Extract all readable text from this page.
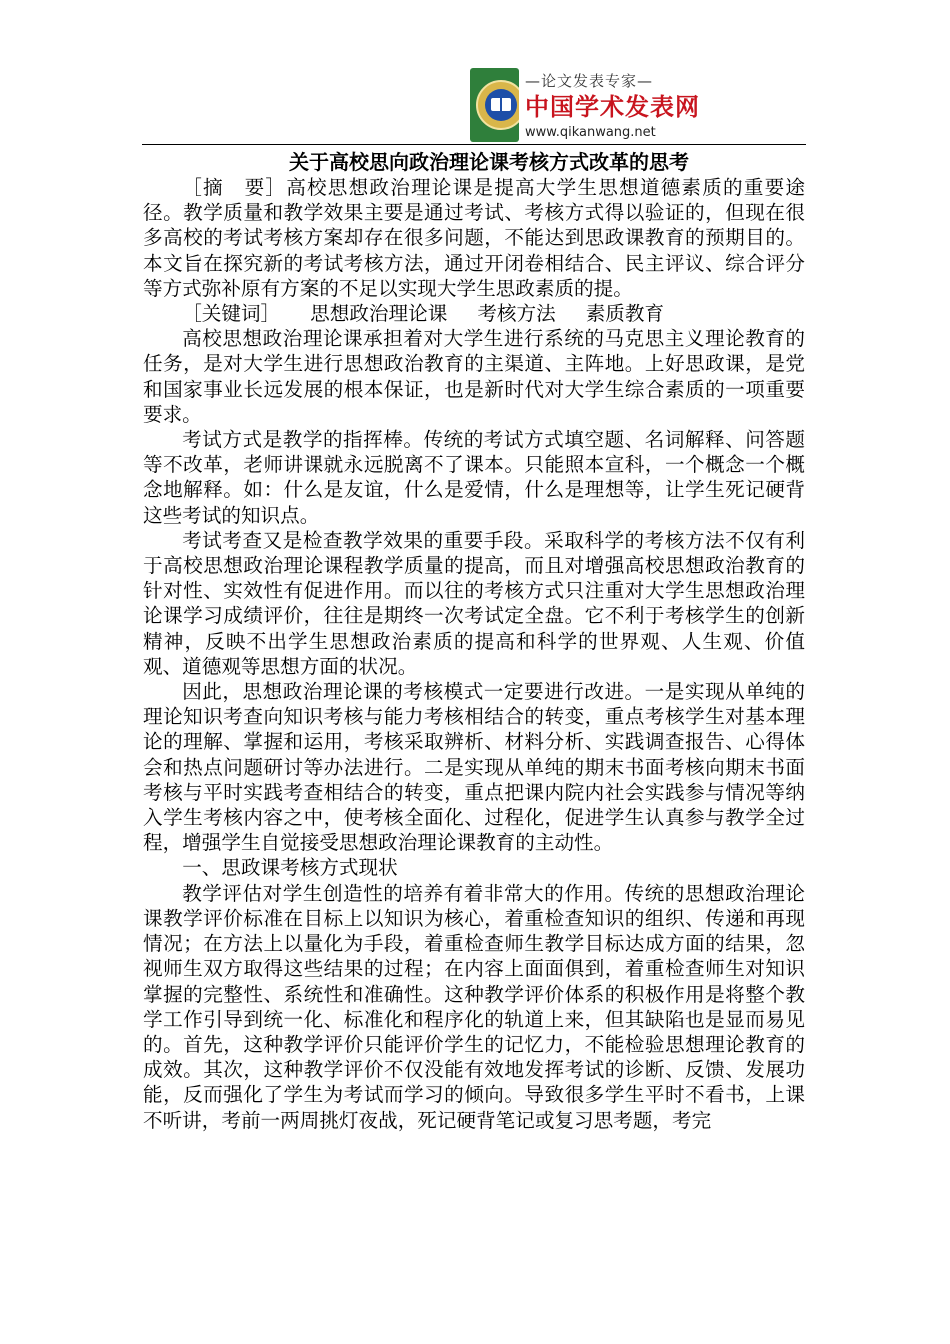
—论文发表专家—
中国学术发表网
www.qikanwang.net
关于高校思向政治理论课考核方式改革的思考

［摘　要］高校思想政治理论课是提高大学生思想道德素质的重要途径。教学质量和教学效果主要是通过考试、考核方式得以验证的，但现在很多高校的考试考核方案却存在很多问题，不能达到思政课教育的预期目的。本文旨在探究新的考试考核方法，通过开闭卷相结合、民主评议、综合评分等方式弥补原有方案的不足以实现大学生思政素质的提。

［关键词］ 思想政治理论课 考核方法 素质教育

高校思想政治理论课承担着对大学生进行系统的马克思主义理论教育的任务，是对大学生进行思想政治教育的主渠道、主阵地。上好思政课，是党和国家事业长远发展的根本保证，也是新时代对大学生综合素质的一项重要要求。

考试方式是教学的指挥棒。传统的考试方式填空题、名词解释、问答题等不改革，老师讲课就永远脱离不了课本。只能照本宣科，一个概念一个概念地解释。如：什么是友谊，什么是爱情，什么是理想等，让学生死记硬背这些考试的知识点。

考试考查又是检查教学效果的重要手段。采取科学的考核方法不仅有利于高校思想政治理论课程教学质量的提高，而且对增强高校思想政治教育的针对性、实效性有促进作用。而以往的考核方式只注重对大学生思想政治理论课学习成绩评价，往往是期终一次考试定全盘。它不利于考核学生的创新精神，反映不出学生思想政治素质的提高和科学的世界观、人生观、价值观、道德观等思想方面的状况。

因此，思想政治理论课的考核模式一定要进行改进。一是实现从单纯的理论知识考查向知识考核与能力考核相结合的转变，重点考核学生对基本理论的理解、掌握和运用，考核采取辨析、材料分析、实践调查报告、心得体会和热点问题研讨等办法进行。二是实现从单纯的期末书面考核向期末书面考核与平时实践考查相结合的转变，重点把课内院内社会实践参与情况等纳入学生考核内容之中，使考核全面化、过程化，促进学生认真参与教学全过程，增强学生自觉接受思想政治理论课教育的主动性。

一、思政课考核方式现状

教学评估对学生创造性的培养有着非常大的作用。传统的思想政治理论课教学评价标准在目标上以知识为核心，着重检查知识的组织、传递和再现情况；在方法上以量化为手段，着重检查师生教学目标达成方面的结果，忽视师生双方取得这些结果的过程；在内容上面面俱到，着重检查师生对知识掌握的完整性、系统性和准确性。这种教学评价体系的积极作用是将整个教学工作引导到统一化、标准化和程序化的轨道上来，但其缺陷也是显而易见的。首先，这种教学评价只能评价学生的记忆力，不能检验思想理论教育的成效。其次，这种教学评价不仅没能有效地发挥考试的诊断、反馈、发展功能，反而强化了学生为考试而学习的倾向。导致很多学生平时不看书，上课不听讲，考前一两周挑灯夜战，死记硬背笔记或复习思考题，考完
